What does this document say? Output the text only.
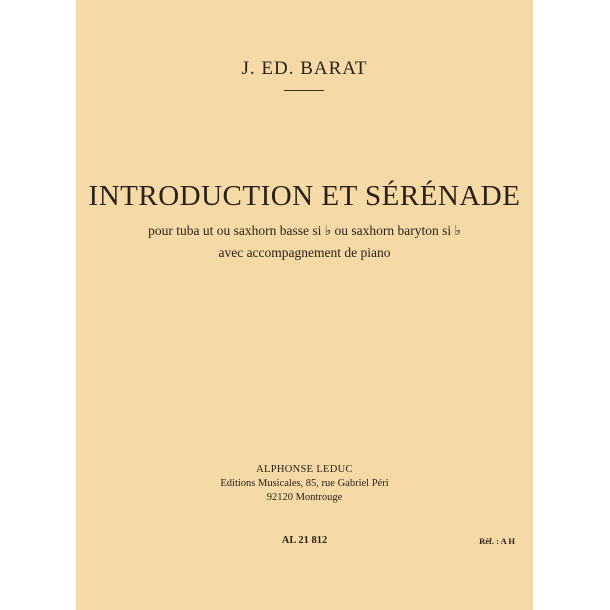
J. ED. BARAT
INTRODUCTION ET SÉRÉNADE
pour tuba ut ou saxhorn basse si ♭ ou saxhorn baryton si ♭
avec accompagnement de piano
ALPHONSE LEDUC
Editions Musicales, 85, rue Gabriel Péri
92120 Montrouge
AL 21 812	Réf. : A H
